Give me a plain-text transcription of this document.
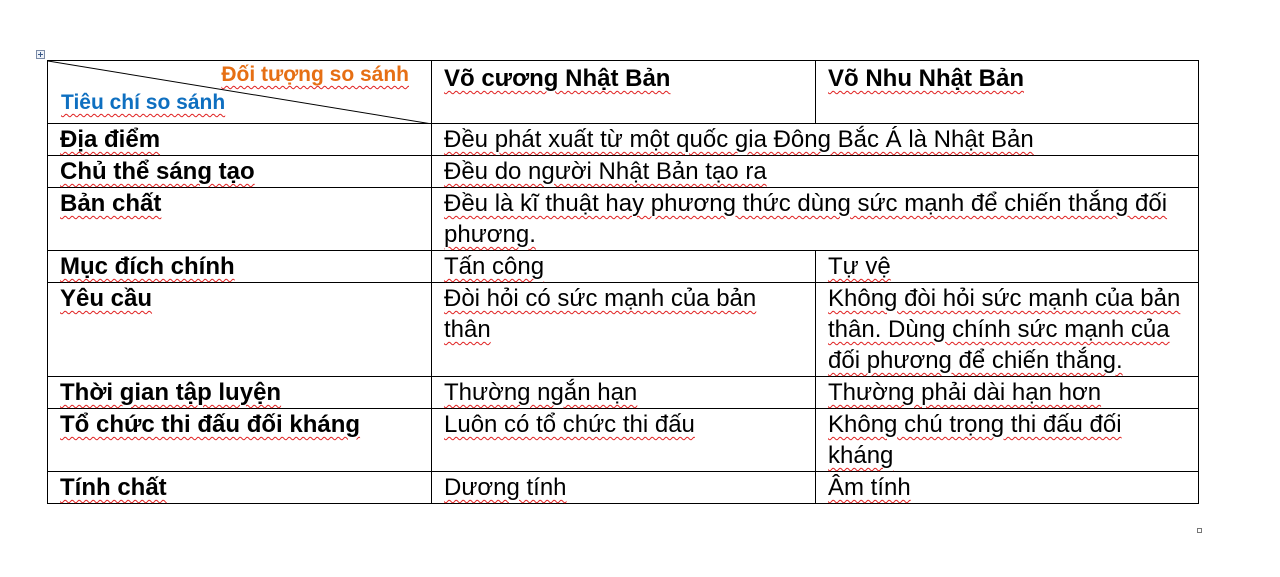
Đối tượng so sánh
Tiêu chí so sánh	Võ cương Nhật Bản	Võ Nhu Nhật Bản
Địa điểm	Đều phát xuất từ một quốc gia Đông Bắc Á là Nhật Bản	
Chủ thể sáng tạo	Đều do người Nhật Bản tạo ra	
Bản chất	Đều là kĩ thuật hay phương thức dùng sức mạnh để chiến thắng đối phương.	
Mục đích chính	Tấn công	Tự vệ
Yêu cầu	Đòi hỏi có sức mạnh của bản thân	Không đòi hỏi sức mạnh của bản thân. Dùng chính sức mạnh của đối phương để chiến thắng.
Thời gian tập luyện	Thường ngắn hạn	Thường phải dài hạn hơn
Tổ chức thi đấu đối kháng	Luôn có tổ chức thi đấu	Không chú trọng thi đấu đối kháng
Tính chất	Dương tính	Âm tính
